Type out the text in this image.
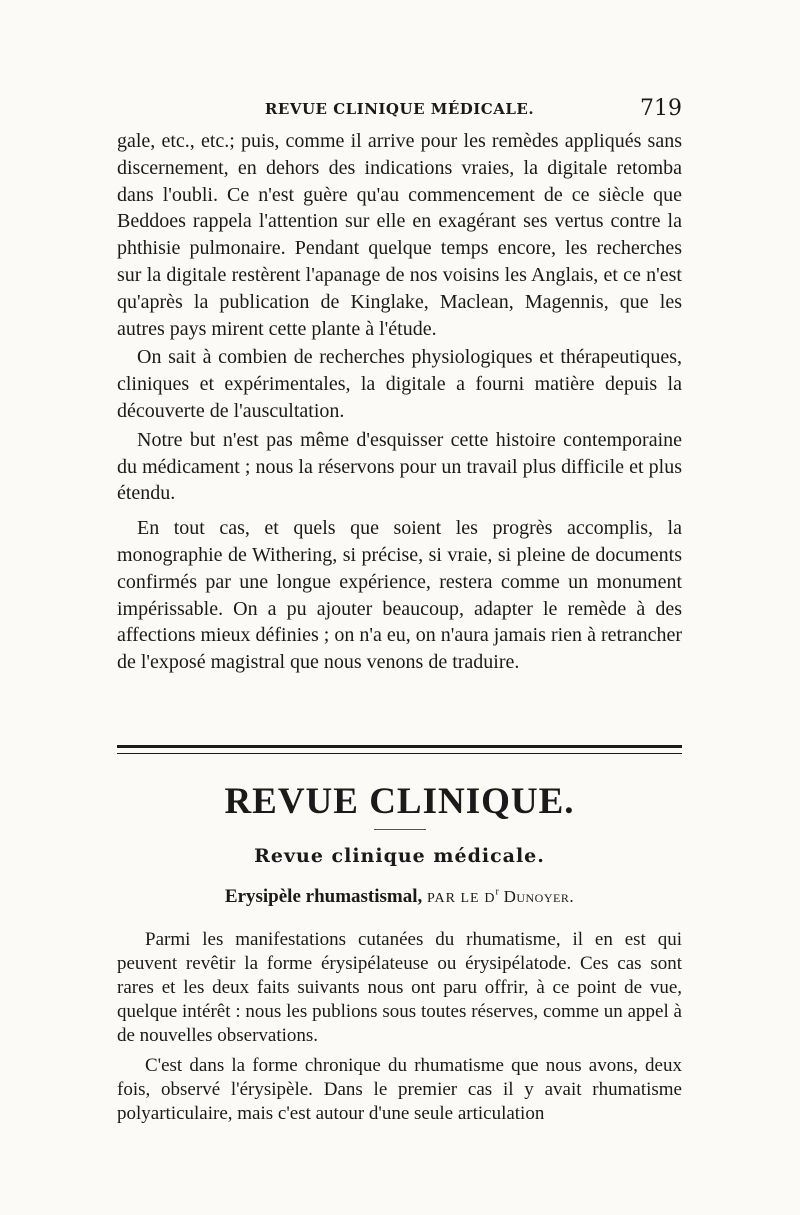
REVUE CLINIQUE MÉDICALE.	719

gale, etc., etc.; puis, comme il arrive pour les remèdes appliqués sans discernement, en dehors des indications vraies, la digitale retomba dans l'oubli. Ce n'est guère qu'au commencement de ce siècle que Beddoes rappela l'attention sur elle en exagérant ses vertus contre la phthisie pulmonaire. Pendant quelque temps encore, les recherches sur la digitale restèrent l'apanage de nos voisins les Anglais, et ce n'est qu'après la publication de Kinglake, Maclean, Magennis, que les autres pays mirent cette plante à l'étude.

On sait à combien de recherches physiologiques et thérapeutiques, cliniques et expérimentales, la digitale a fourni matière depuis la découverte de l'auscultation.

Notre but n'est pas même d'esquisser cette histoire contemporaine du médicament ; nous la réservons pour un travail plus difficile et plus étendu.

En tout cas, et quels que soient les progrès accomplis, la monographie de Withering, si précise, si vraie, si pleine de documents confirmés par une longue expérience, restera comme un monument impérissable. On a pu ajouter beaucoup, adapter le remède à des affections mieux définies ; on n'a eu, on n'aura jamais rien à retrancher de l'exposé magistral que nous venons de traduire.

REVUE CLINIQUE.
Revue clinique médicale.
Erysipèle rhumastismal, PAR LE $D^r$ Dunoyer.

Parmi les manifestations cutanées du rhumatisme, il en est qui peuvent revêtir la forme érysipélateuse ou érysipélatode. Ces cas sont rares et les deux faits suivants nous ont paru offrir, à ce point de vue, quelque intérêt : nous les publions sous toutes réserves, comme un appel à de nouvelles observations.

C'est dans la forme chronique du rhumatisme que nous avons, deux fois, observé l'érysipèle. Dans le premier cas il y avait rhumatisme polyarticulaire, mais c'est autour d'une seule articulation
